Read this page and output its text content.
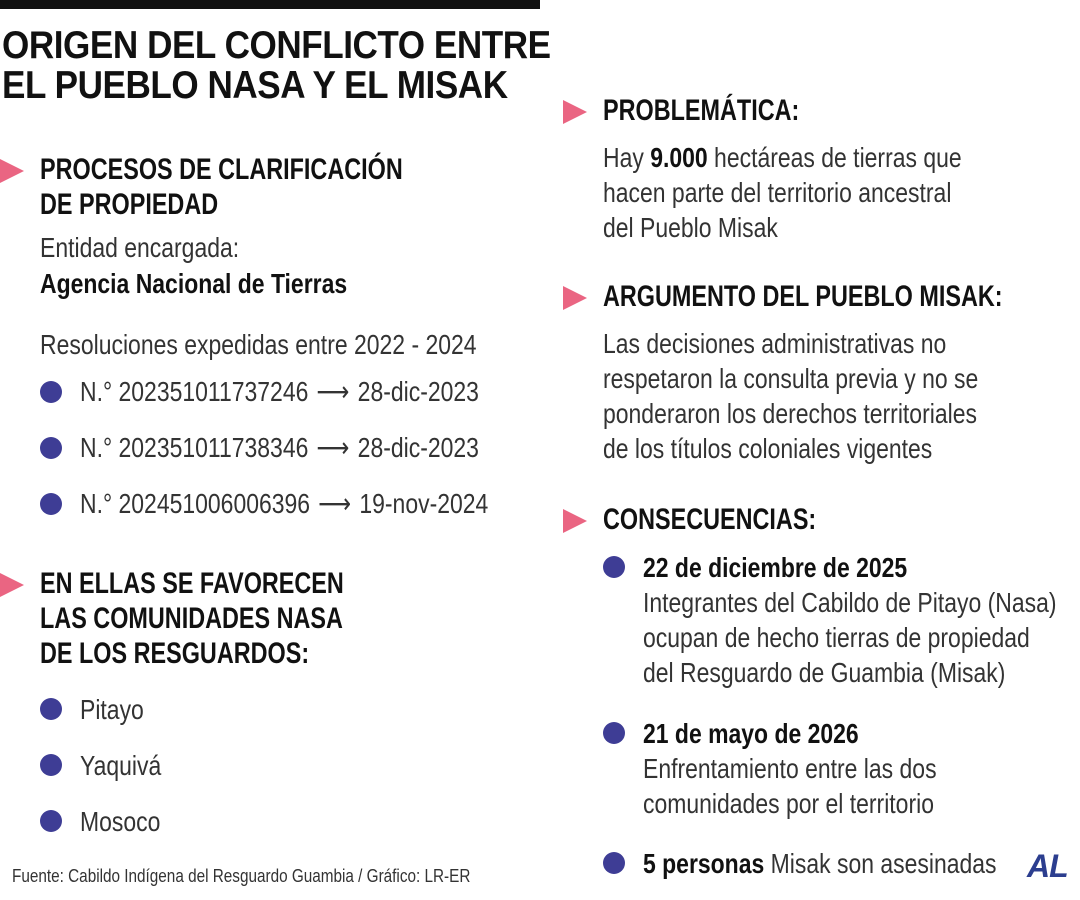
ORIGEN DEL CONFLICTO ENTRE
EL PUEBLO NASA Y EL MISAK
PROCESOS DE CLARIFICACIÓN
DE PROPIEDAD
Entidad encargada:
Agencia Nacional de Tierras
Resoluciones expedidas entre 2022 - 2024
N.° 202351011737246 ⟶ 28-dic-2023
N.° 202351011738346 ⟶ 28-dic-2023
N.° 202451006006396 ⟶ 19-nov-2024
EN ELLAS SE FAVORECEN
LAS COMUNIDADES NASA
DE LOS RESGUARDOS:
Pitayo
Yaquivá
Mosoco
Fuente: Cabildo Indígena del Resguardo Guambia / Gráfico: LR-ER
PROBLEMÁTICA:
Hay 9.000 hectáreas de tierras que
hacen parte del territorio ancestral
del Pueblo Misak
ARGUMENTO DEL PUEBLO MISAK:
Las decisiones administrativas no
respetaron la consulta previa y no se
ponderaron los derechos territoriales
de los títulos coloniales vigentes
CONSECUENCIAS:
22 de diciembre de 2025
Integrantes del Cabildo de Pitayo (Nasa)
ocupan de hecho tierras de propiedad
del Resguardo de Guambia (Misak)
21 de mayo de 2026
Enfrentamiento entre las dos
comunidades por el territorio
5 personas Misak son asesinadas AL
